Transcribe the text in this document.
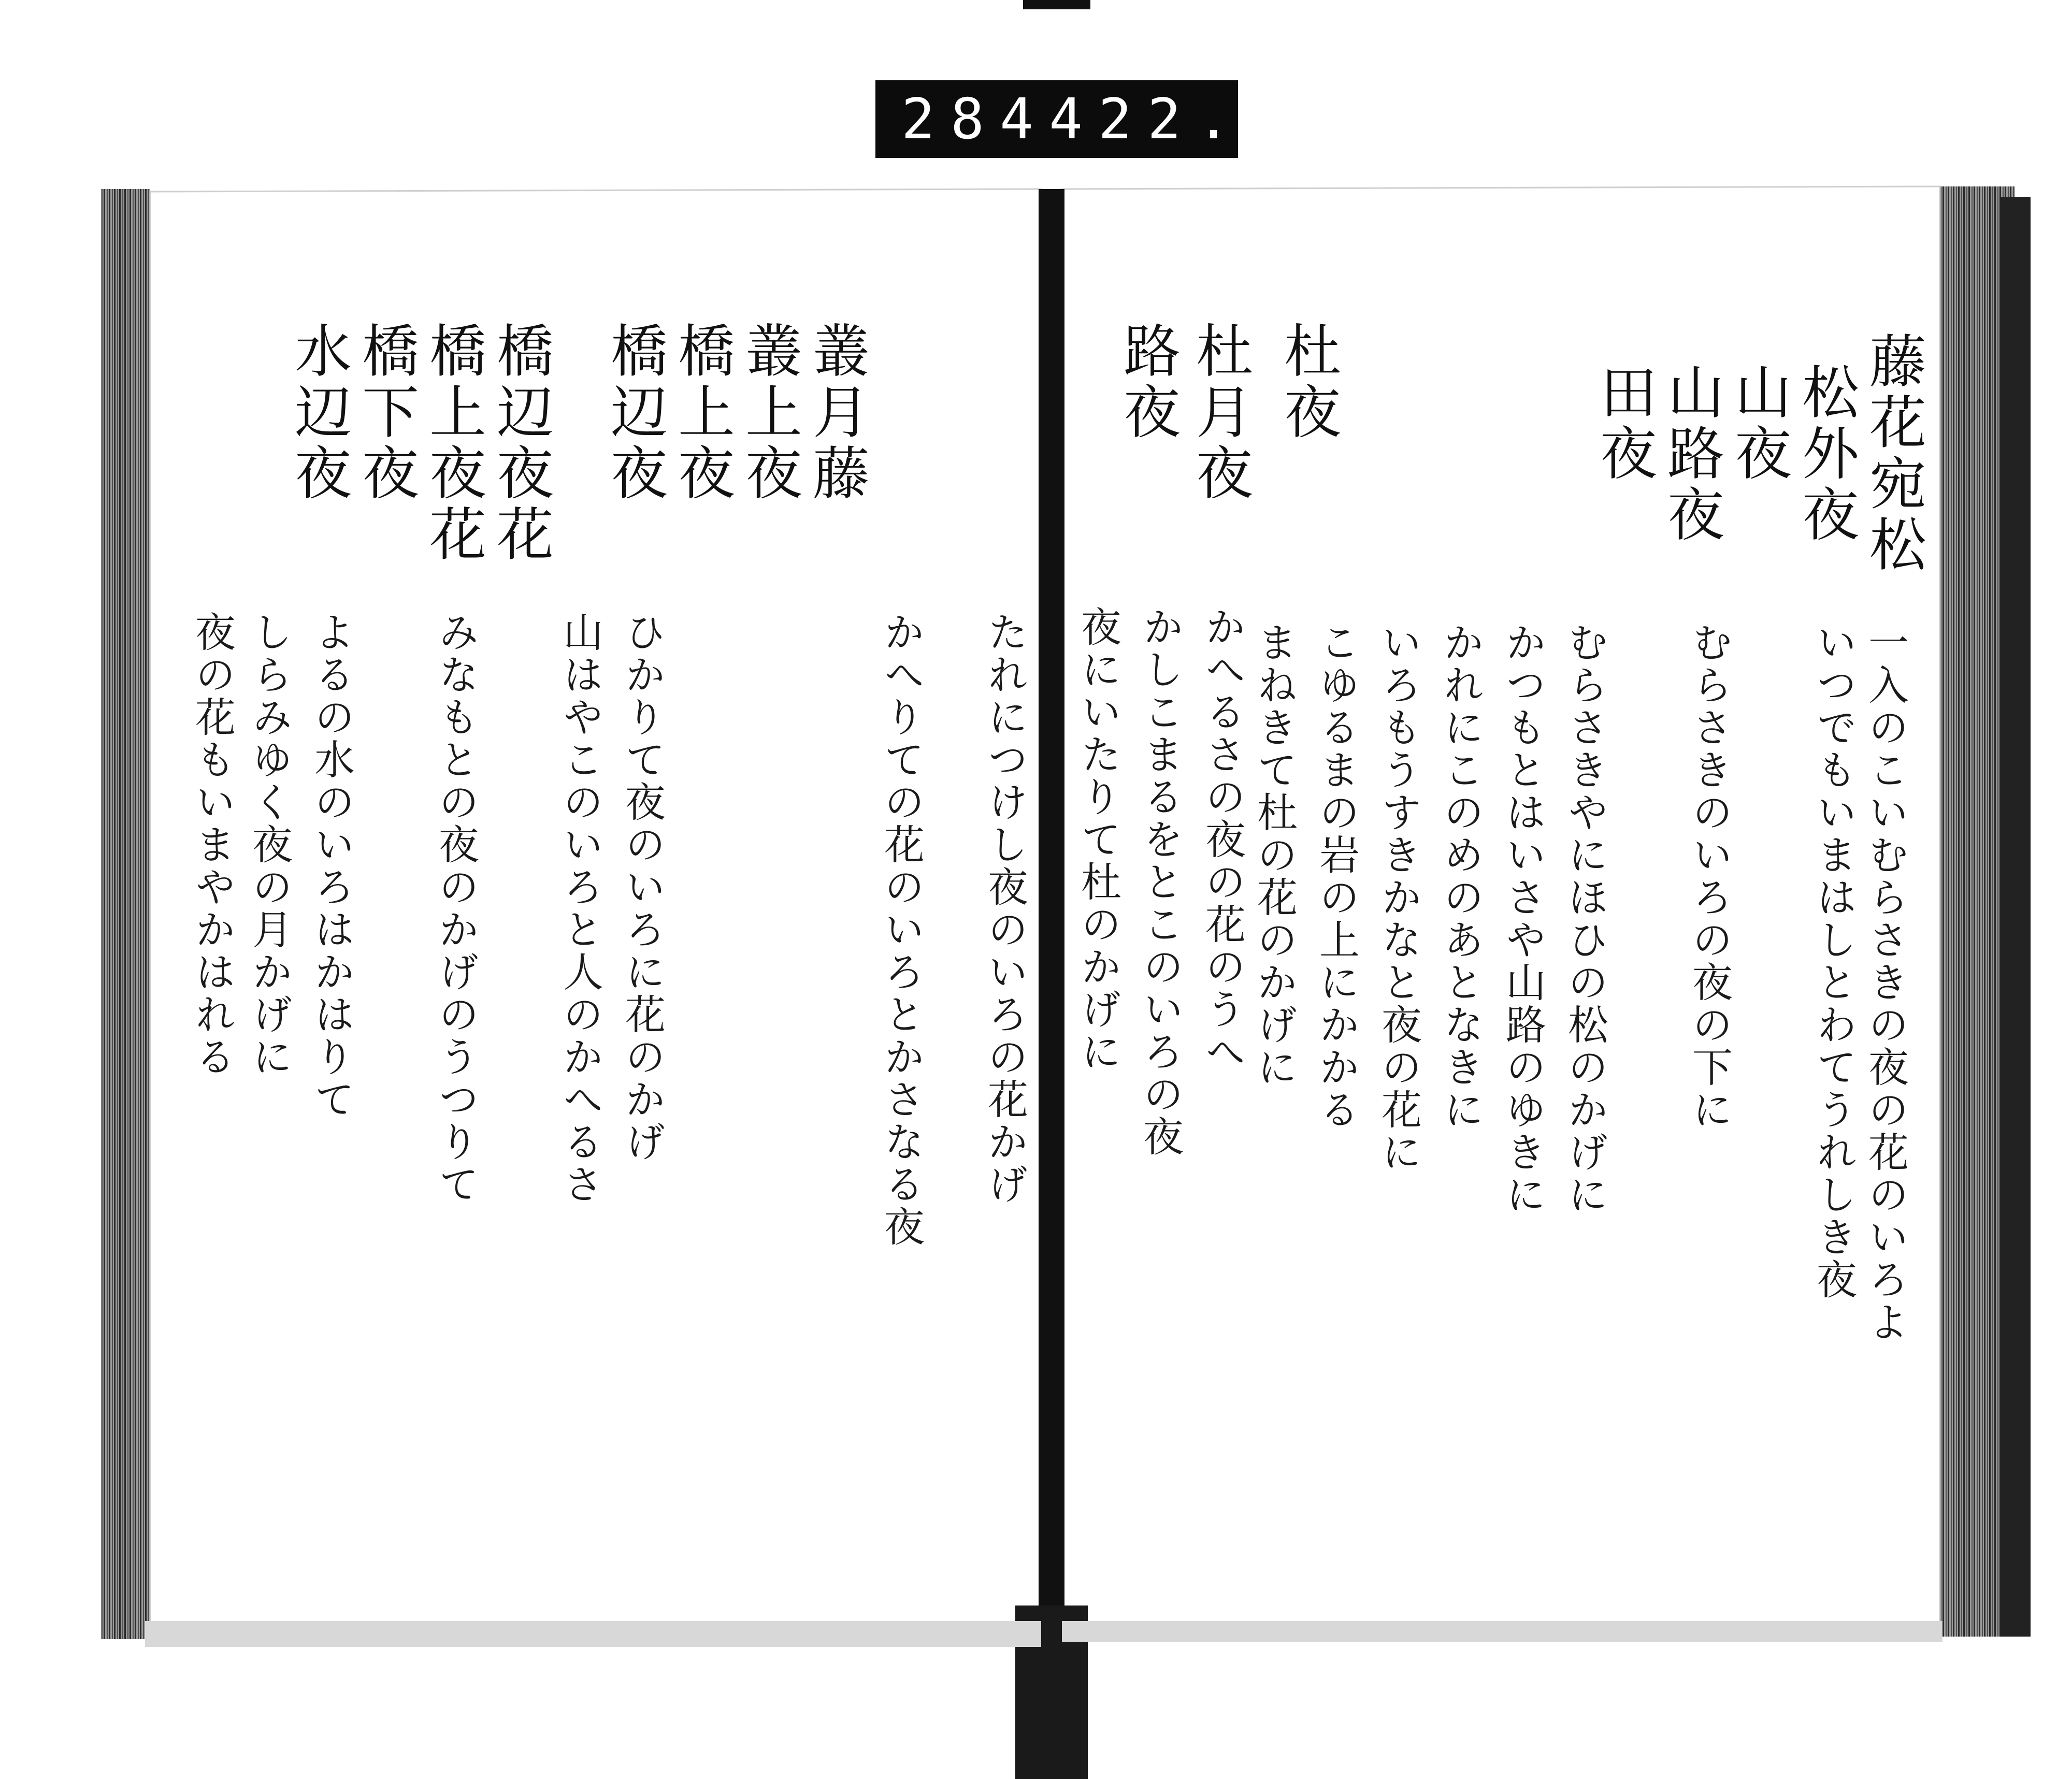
284 422.
藤花宛松
松外夜
山夜
山路夜
田夜
杜夜
杜月夜
路夜
一入のこいむらさきの夜の花のいろよ
いつでもいまはしとわてうれしき夜
むらさきのいろの夜の下に
むらさきやにほひの松のかげに
かつもとはいさや山路のゆきに
かれにこのめのあとなきに
いろもうすきかなと夜の花に
こゆるまの岩の上にかかる
まねきて杜の花のかげに
かしこまるをとこのいろの夜
夜にいたりて杜のかげに かへるさの夜の花のうへ
叢月藤
叢上夜
橋上夜
橋辺夜
橋辺夜花
橋上夜花
橋下夜
水辺夜
かへりての花のいろとかさなる夜 たれにつけし夜のいろの花かげ
ひかりて夜のいろに花のかげ
山はやこのいろと人のかへるさ
みなもとの夜のかげのうつりて
よるの水のいろはかはりて
しらみゆく夜の月かげに
夜の花もいまやかはれる
